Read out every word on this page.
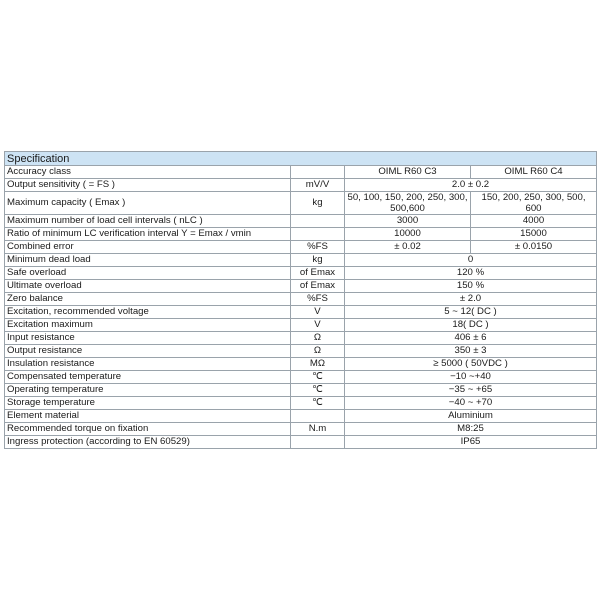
Specification			
Accuracy class		OIML R60 C3	OIML R60 C4
Output sensitivity ( = FS )	mV/V	2.0 ± 0.2	
Maximum capacity ( Emax )	kg	50, 100, 150, 200, 250, 300, 500,600	150, 200, 250, 300, 500, 600
Maximum number of load cell intervals ( nLC )		3000	4000
Ratio of minimum LC verification interval Y = Emax / vmin		10000	15000
Combined error	%FS	± 0.02	± 0.0150
Minimum dead load	kg	0	
Safe overload	of Emax	120 %	
Ultimate overload	of Emax	150 %	
Zero balance	%FS	± 2.0	
Excitation, recommended voltage	V	5 ~ 12( DC )	
Excitation maximum	V	18( DC )	
Input resistance	Ω	406 ± 6	
Output resistance	Ω	350 ± 3	
Insulation resistance	MΩ	≥ 5000 ( 50VDC )	
Compensated temperature	℃	−10 ~+40	
Operating temperature	℃	−35 ~ +65	
Storage temperature	℃	−40 ~ +70	
Element material		Aluminium	
Recommended torque on fixation	N.m	M8:25	
Ingress protection (according to EN 60529)		IP65	
